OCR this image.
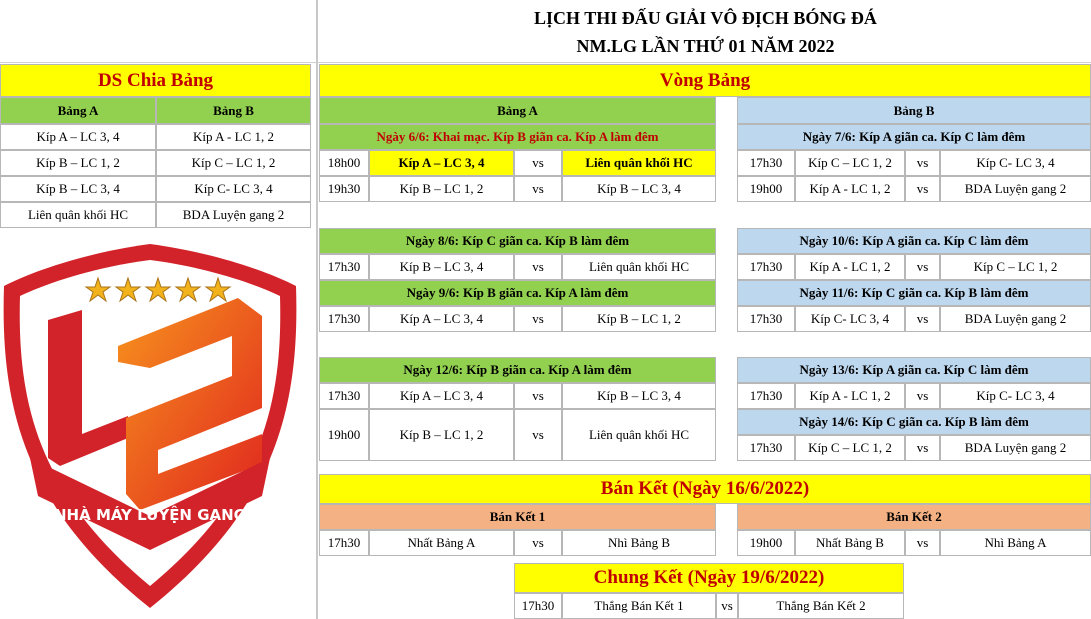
LỊCH THI ĐẤU GIẢI VÔ ĐỊCH BÓNG ĐÁ
NM.LG LẦN THỨ 01 NĂM 2022
DS Chia Bảng
Bảng A	Bảng B
Kíp A – LC 3, 4	Kíp A - LC 1, 2
Kíp B – LC 1, 2	Kíp C – LC 1, 2
Kíp B – LC 3, 4	Kíp C- LC 3, 4
Liên quân khối HC	BDA Luyện gang 2
NHÀ MÁY LUYỆN GANG
Vòng Bảng
Bảng A	Bảng B
Ngày 6/6: Khai mạc. Kíp B giãn ca. Kíp A làm đêm
18h00	Kíp A – LC 3, 4	vs	Liên quân khối HC
19h30	Kíp B – LC 1, 2	vs	Kíp B – LC 3, 4
Ngày 8/6: Kíp C giãn ca. Kíp B làm đêm
17h30	Kíp B – LC 3, 4	vs	Liên quân khối HC
Ngày 9/6: Kíp B giãn ca. Kíp A làm đêm
17h30	Kíp A – LC 3, 4	vs	Kíp B – LC 1, 2
Ngày 12/6: Kíp B giãn ca. Kíp A làm đêm
17h30	Kíp A – LC 3, 4	vs	Kíp B – LC 3, 4
19h00	Kíp B – LC 1, 2	vs	Liên quân khối HC
Ngày 7/6: Kíp A giãn ca. Kíp C làm đêm
17h30	Kíp C – LC 1, 2	vs	Kíp C- LC 3, 4
19h00	Kíp A - LC 1, 2	vs	BDA Luyện gang 2
Ngày 10/6: Kíp A giãn ca. Kíp C làm đêm
17h30	Kíp A - LC 1, 2	vs	Kíp C – LC 1, 2
Ngày 11/6: Kíp C giãn ca. Kíp B làm đêm
17h30	Kíp C- LC 3, 4	vs	BDA Luyện gang 2
Ngày 13/6: Kíp A giãn ca. Kíp C làm đêm
17h30	Kíp A - LC 1, 2	vs	Kíp C- LC 3, 4
Ngày 14/6: Kíp C giãn ca. Kíp B làm đêm
17h30	Kíp C – LC 1, 2	vs	BDA Luyện gang 2
Bán Kết (Ngày 16/6/2022)
Bán Kết 1	Bán Kết 2
17h30	Nhất Bảng A	vs	Nhì Bảng B	19h00	Nhất Bảng B	vs	Nhì Bảng A
Chung Kết (Ngày 19/6/2022)
17h30	Thắng Bán Kết 1	vs	Thắng Bán Kết 2
